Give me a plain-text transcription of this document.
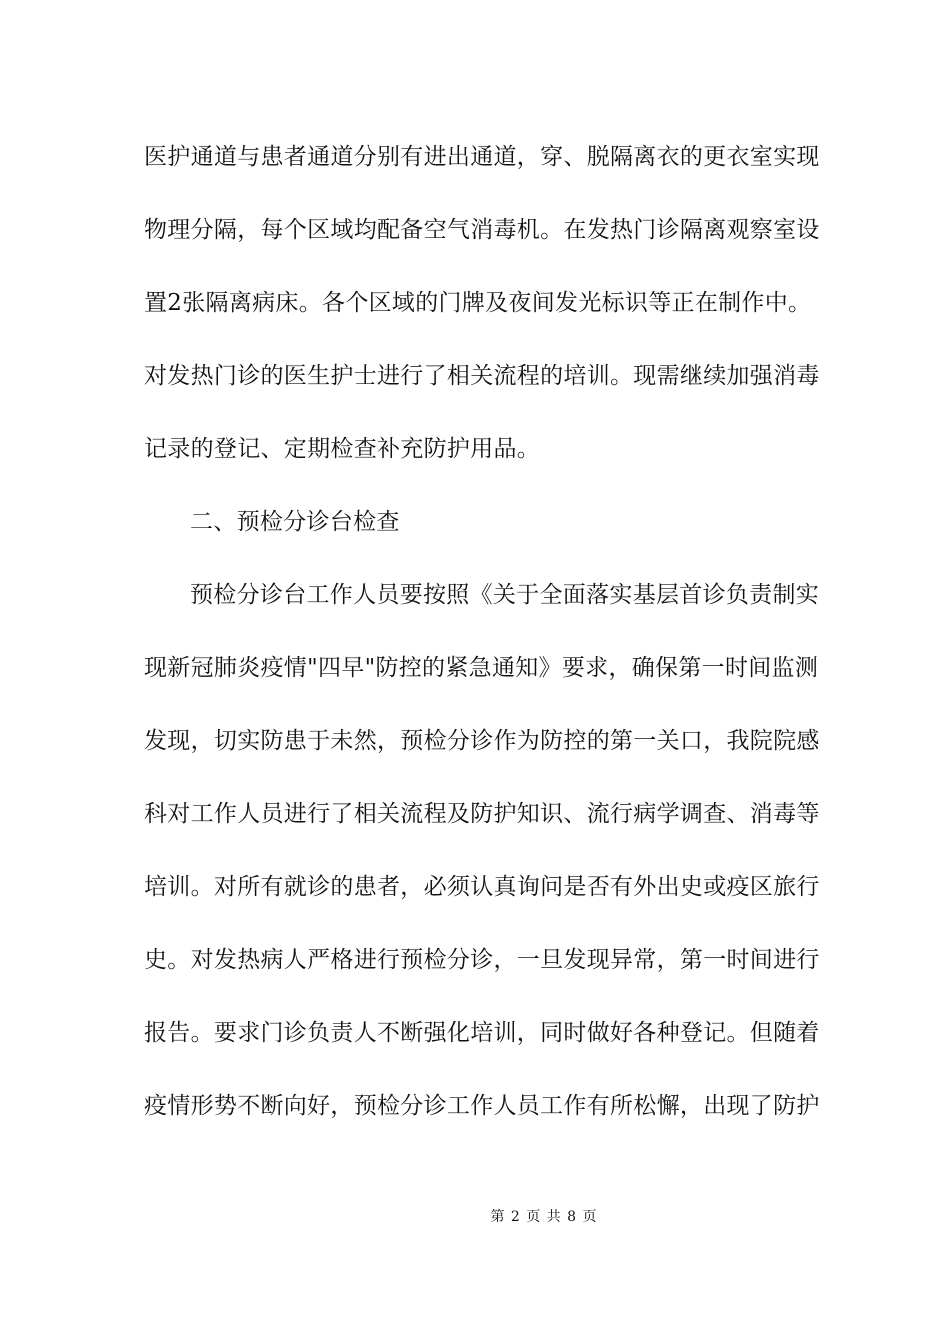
医护通道与患者通道分别有进出通道，穿、脱隔离衣的更衣室实现
物理分隔，每个区域均配备空气消毒机。在发热门诊隔离观察室设
置2张隔离病床。各个区域的门牌及夜间发光标识等正在制作中。
对发热门诊的医生护士进行了相关流程的培训。现需继续加强消毒
记录的登记、定期检查补充防护用品。
二、预检分诊台检查
预检分诊台工作人员要按照《关于全面落实基层首诊负责制实
现新冠肺炎疫情"四早"防控的紧急通知》要求，确保第一时间监测
发现，切实防患于未然，预检分诊作为防控的第一关口，我院院感
科对工作人员进行了相关流程及防护知识、流行病学调查、消毒等
培训。对所有就诊的患者，必须认真询问是否有外出史或疫区旅行
史。对发热病人严格进行预检分诊，一旦发现异常，第一时间进行
报告。要求门诊负责人不断强化培训，同时做好各种登记。但随着
疫情形势不断向好，预检分诊工作人员工作有所松懈，出现了防护
第 2 页 共 8 页
